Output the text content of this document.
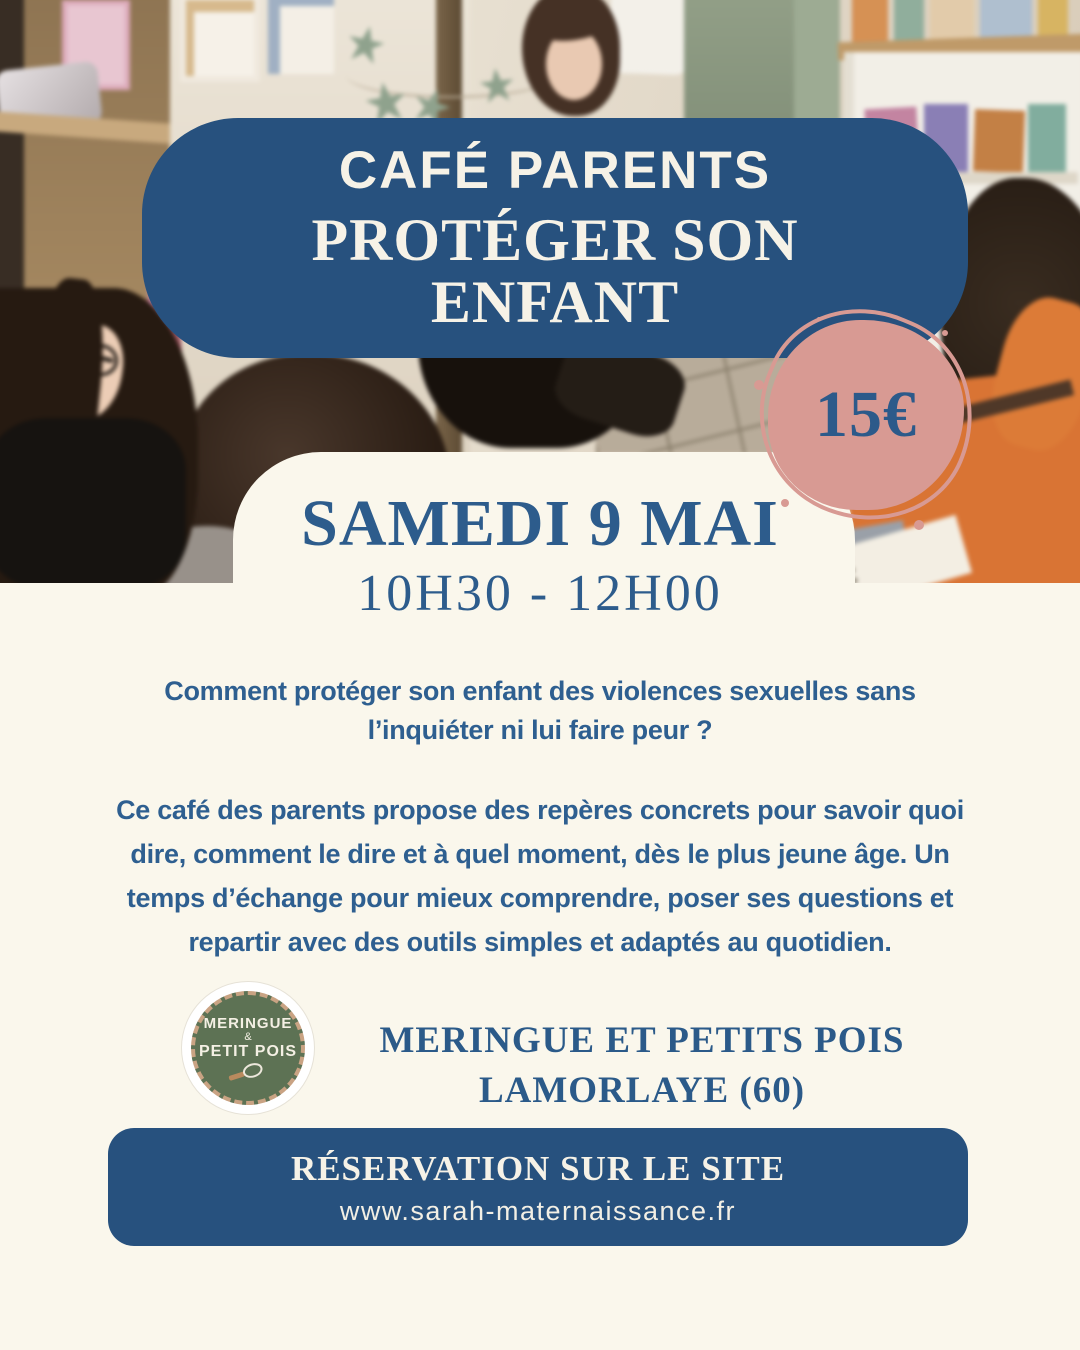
CAFÉ PARENTS
PROTÉGER SON
ENFANT
15€
SAMEDI 9 MAI
10H30 - 12H00
Comment protéger son enfant des violences sexuelles sans
l’inquiéter ni lui faire peur ?
Ce café des parents propose des repères concrets pour savoir quoi
dire, comment le dire et à quel moment, dès le plus jeune âge. Un
temps d’échange pour mieux comprendre, poser ses questions et
repartir avec des outils simples et adaptés au quotidien.
MERINGUE
&
PETIT POIS	MERINGUE ET PETITS POIS
LAMORLAYE (60)
RÉSERVATION SUR LE SITE
www.sarah-maternaissance.fr
